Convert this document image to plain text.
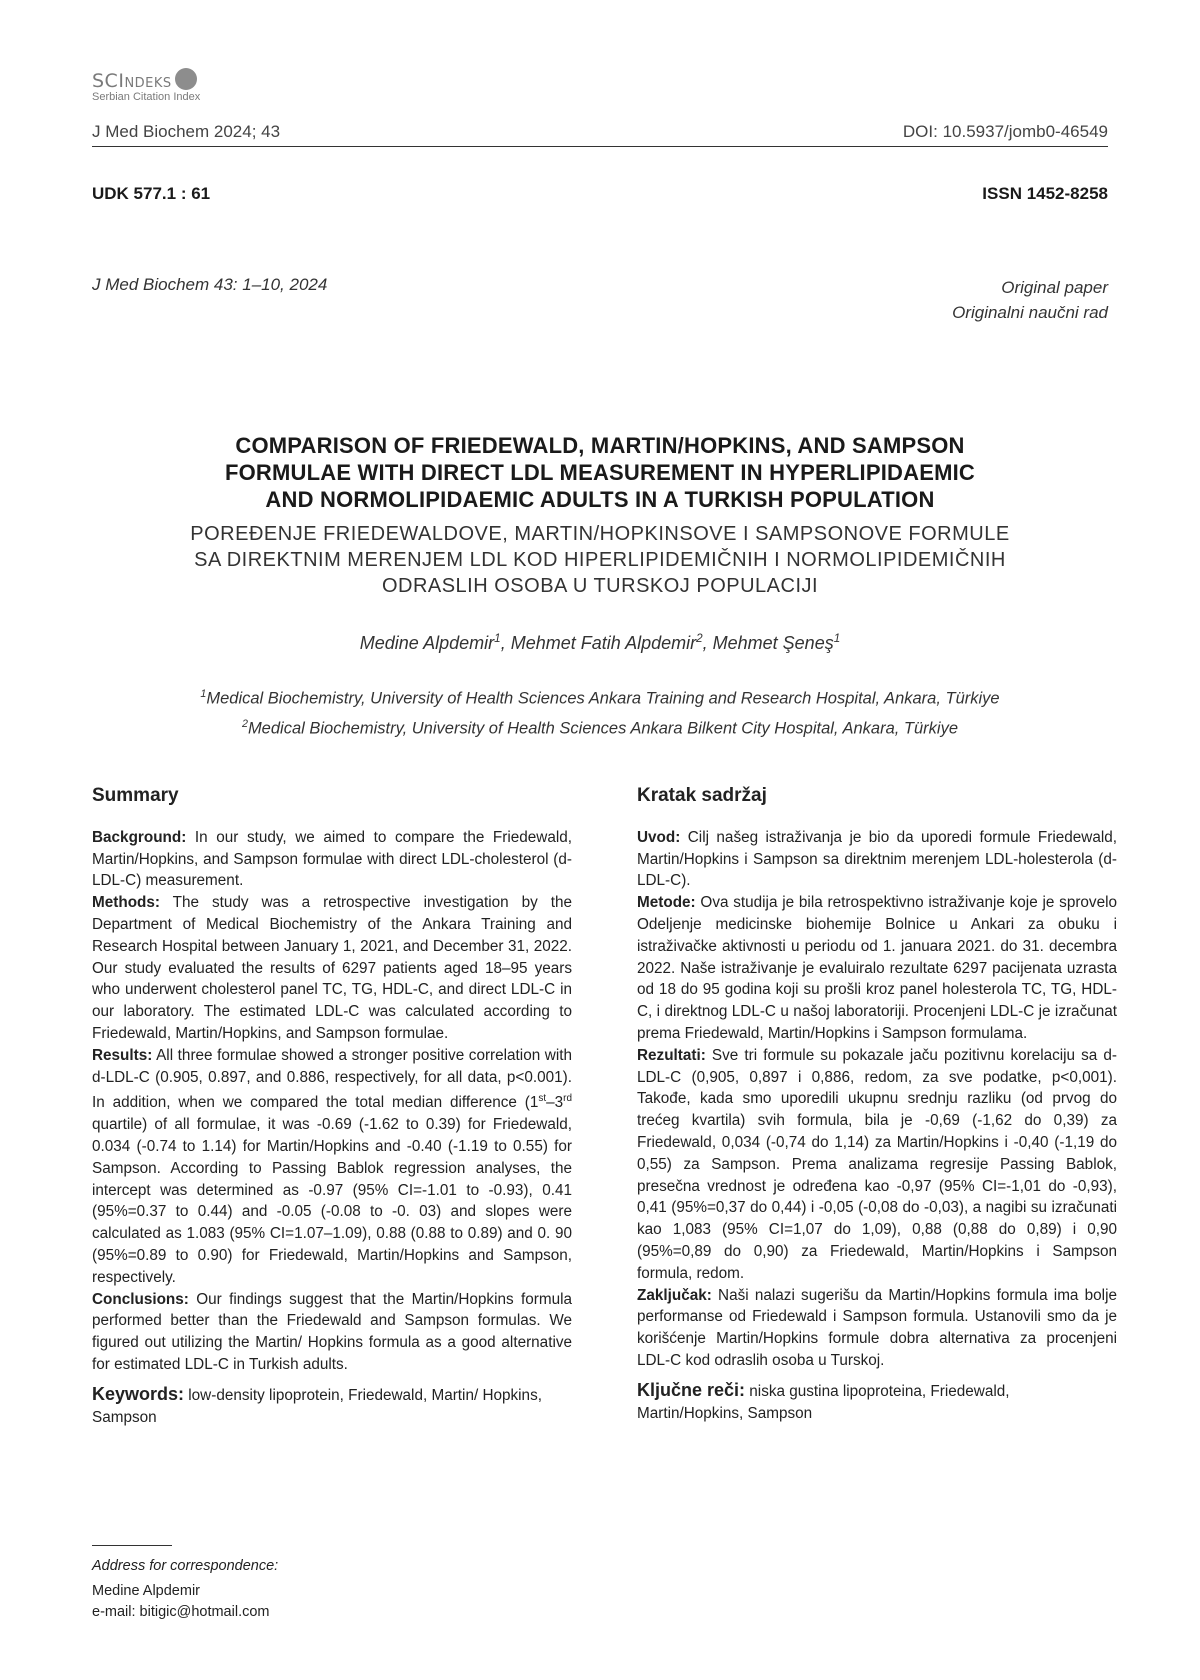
SCINDEKS
Serbian Citation Index
J Med Biochem 2024; 43	DOI: 10.5937/jomb0-46549
UDK 577.1 : 61	ISSN 1452-8258
J Med Biochem 43: 1–10, 2024	Original paper
Originalni naučni rad
COMPARISON OF FRIEDEWALD, MARTIN/HOPKINS, AND SAMPSON
FORMULAE WITH DIRECT LDL MEASUREMENT IN HYPERLIPIDAEMIC
AND NORMOLIPIDAEMIC ADULTS IN A TURKISH POPULATION
POREĐENJE FRIEDEWALDOVE, MARTIN/HOPKINSOVE I SAMPSONOVE FORMULE
SA DIREKTNIM MERENJEM LDL KOD HIPERLIPIDEMIČNIH I NORMOLIPIDEMIČNIH
ODRASLIH OSOBA U TURSKOJ POPULACIJI
Medine Alpdemir$^1$, Mehmet Fatih Alpdemir$^2$, Mehmet Şeneş$^1$
$^1$Medical Biochemistry, University of Health Sciences Ankara Training and Research Hospital, Ankara, Türkiye
$^2$Medical Biochemistry, University of Health Sciences Ankara Bilkent City Hospital, Ankara, Türkiye
Summary

Background: In our study, we aimed to compare the Friedewald, Martin/Hopkins, and Sampson formulae with direct LDL-cholesterol (d-LDL-C) measurement.

Methods: The study was a retrospective investigation by the Department of Medical Biochemistry of the Ankara Training and Research Hospital between January 1, 2021, and December 31, 2022. Our study evaluated the results of 6297 patients aged 18–95 years who underwent cholesterol panel TC, TG, HDL-C, and direct LDL-C in our laboratory. The estimated LDL-C was calculated according to Friedewald, Martin/Hopkins, and Sampson formulae.

Results: All three formulae showed a stronger positive correlation with d-LDL-C (0.905, 0.897, and 0.886, respectively, for all data, p<0.001). In addition, when we compared the total median difference (1st–3rd quartile) of all formulae, it was -0.69 (-1.62 to 0.39) for Friedewald, 0.034 (-0.74 to 1.14) for Martin/Hopkins and -0.40 (-1.19 to 0.55) for Sampson. According to Passing Bablok regression analyses, the intercept was determined as -0.97 (95% CI=-1.01 to -0.93), 0.41 (95%=0.37 to 0.44) and -0.05 (-0.08 to -0. 03) and slopes were calculated as 1.083 (95% CI=1.07–1.09), 0.88 (0.88 to 0.89) and 0. 90 (95%=0.89 to 0.90) for Friedewald, Martin/Hopkins and Sampson, respectively.

Conclusions: Our findings suggest that the Martin/Hopkins formula performed better than the Friedewald and Sampson formulas. We figured out utilizing the Martin/ Hopkins formula as a good alternative for estimated LDL-C in Turkish adults.

Keywords: low-density lipoprotein, Friedewald, Martin/ Hopkins, Sampson

Kratak sadržaj

Uvod: Cilj našeg istraživanja je bio da uporedi formule Friedewald, Martin/Hopkins i Sampson sa direktnim merenjem LDL-holesterola (d-LDL-C).

Metode: Ova studija je bila retrospektivno istraživanje koje je sprovelo Odeljenje medicinske biohemije Bolnice u Ankari za obuku i istraživačke aktivnosti u periodu od 1. januara 2021. do 31. decembra 2022. Naše istraživanje je evaluiralo rezultate 6297 pacijenata uzrasta od 18 do 95 godina koji su prošli kroz panel holesterola TC, TG, HDL-C, i direktnog LDL-C u našoj laboratoriji. Procenjeni LDL-C je izračunat prema Friedewald, Martin/Hopkins i Sampson formulama.

Rezultati: Sve tri formule su pokazale jaču pozitivnu korelaciju sa d-LDL-C (0,905, 0,897 i 0,886, redom, za sve podatke, p<0,001). Takođe, kada smo uporedili ukupnu srednju razliku (od prvog do trećeg kvartila) svih formula, bila je -0,69 (-1,62 do 0,39) za Friedewald, 0,034 (-0,74 do 1,14) za Martin/Hopkins i -0,40 (-1,19 do 0,55) za Sampson. Prema analizama regresije Passing Bablok, presečna vrednost je određena kao -0,97 (95% CI=-1,01 do -0,93), 0,41 (95%=0,37 do 0,44) i -0,05 (-0,08 do -0,03), a nagibi su izračunati kao 1,083 (95% CI=1,07 do 1,09), 0,88 (0,88 do 0,89) i 0,90 (95%=0,89 do 0,90) za Friedewald, Martin/Hopkins i Sampson formula, redom.

Zaključak: Naši nalazi sugerišu da Martin/Hopkins formula ima bolje performanse od Friedewald i Sampson formula. Ustanovili smo da je korišćenje Martin/Hopkins formule dobra alternativa za procenjeni LDL-C kod odraslih osoba u Turskoj.

Ključne reči: niska gustina lipoproteina, Friedewald, Martin/Hopkins, Sampson

Address for correspondence:
Medine Alpdemir
e-mail: bitigic@hotmail.com
